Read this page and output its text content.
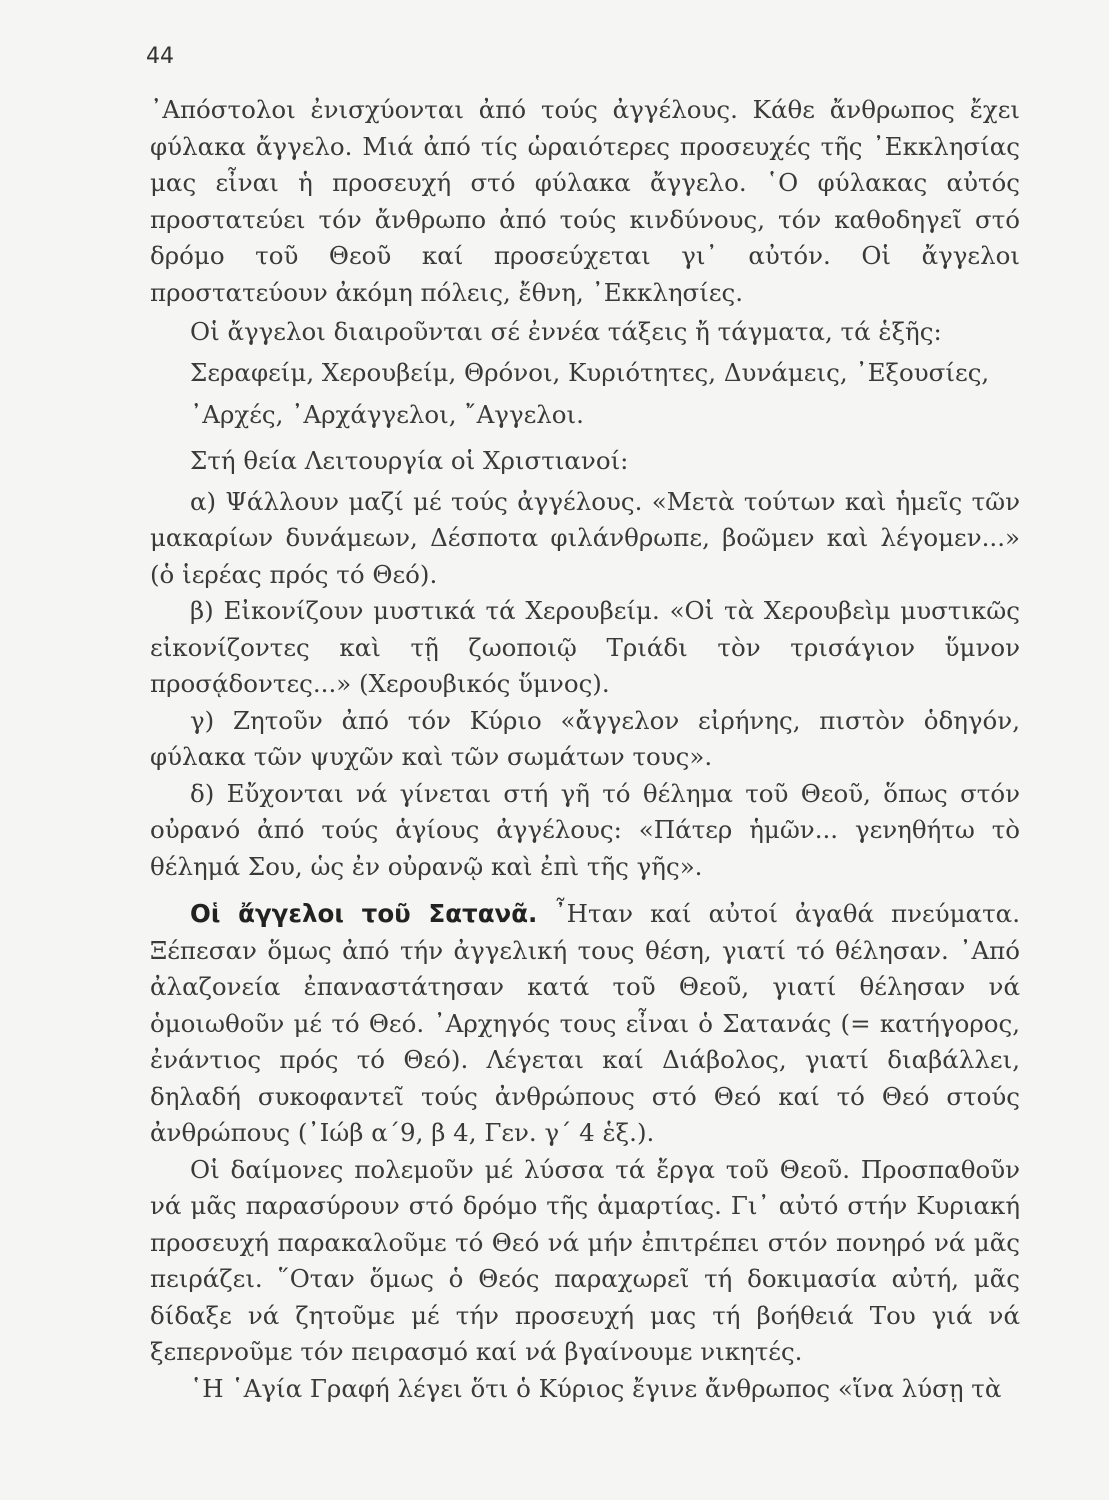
44

᾿Απόστολοι ἐνισχύονται ἀπό τούς ἀγγέλους. Κάθε ἄνθρωπος ἔχει φύλακα ἄγγελο. Μιά ἀπό τίς ὡραιότερες προσευχές τῆς ᾿Εκκλησίας μας εἶναι ἡ προσευχή στό φύλακα ἄγγελο. ῾Ο φύλακας αὐτός προστατεύει τόν ἄνθρωπο ἀπό τούς κινδύνους, τόν καθοδηγεῖ στό δρόμο τοῦ Θεοῦ καί προσεύχεται γι᾿ αὐτόν. Οἱ ἄγγελοι προστατεύουν ἀκόμη πόλεις, ἔθνη, ᾿Εκκλησίες.

Οἱ ἄγγελοι διαιροῦνται σέ ἐννέα τάξεις ἤ τάγματα, τά ἑξῆς:

Σεραφείμ, Χερουβείμ, Θρόνοι, Κυριότητες, Δυνάμεις, ᾿Εξουσίες,

᾿Αρχές, ᾿Αρχάγγελοι, ῎Αγγελοι.

Στή θεία Λειτουργία οἱ Χριστιανοί:

α) Ψάλλουν μαζί μέ τούς ἀγγέλους. «Μετὰ τούτων καὶ ἡμεῖς τῶν μακαρίων δυνάμεων, Δέσποτα φιλάνθρωπε, βοῶμεν καὶ λέγομεν...» (ὁ ἱερέας πρός τό Θεό).

β) Εἰκονίζουν μυστικά τά Χερουβείμ. «Οἱ τὰ Χερουβεὶμ μυστικῶς εἰκονίζοντες καὶ τῇ ζωοποιῷ Τριάδι τὸν τρισάγιον ὕμνον προσᾴδοντες...» (Χερουβικός ὕμνος).

γ) Ζητοῦν ἀπό τόν Κύριο «ἄγγελον εἰρήνης, πιστὸν ὁδηγόν, φύλακα τῶν ψυχῶν καὶ τῶν σωμάτων τους».

δ) Εὔχονται νά γίνεται στή γῆ τό θέλημα τοῦ Θεοῦ, ὅπως στόν οὐρανό ἀπό τούς ἁγίους ἀγγέλους: «Πάτερ ἡμῶν... γενηθήτω τὸ θέλημά Σου, ὡς ἐν οὐρανῷ καὶ ἐπὶ τῆς γῆς».

Οἱ ἄγγελοι τοῦ Σατανᾶ. ῏Ηταν καί αὐτοί ἀγαθά πνεύματα. Ξέπεσαν ὅμως ἀπό τήν ἀγγελική τους θέση, γιατί τό θέλησαν. ᾿Από ἀλαζονεία ἐπαναστάτησαν κατά τοῦ Θεοῦ, γιατί θέλησαν νά ὁμοιωθοῦν μέ τό Θεό. ᾿Αρχηγός τους εἶναι ὁ Σατανάς (= κατήγορος, ἐνάντιος πρός τό Θεό). Λέγεται καί Διάβολος, γιατί διαβάλλει, δηλαδή συκοφαντεῖ τούς ἀνθρώπους στό Θεό καί τό Θεό στούς ἀνθρώπους (᾿Ιώβ α΄9, β 4, Γεν. γ΄ 4 ἑξ.).

Οἱ δαίμονες πολεμοῦν μέ λύσσα τά ἔργα τοῦ Θεοῦ. Προσπαθοῦν νά μᾶς παρασύρουν στό δρόμο τῆς ἁμαρτίας. Γι᾿ αὐτό στήν Κυριακή προσευχή παρακαλοῦμε τό Θεό νά μήν ἐπιτρέπει στόν πονηρό νά μᾶς πειράζει. ῞Οταν ὅμως ὁ Θεός παραχωρεῖ τή δοκιμασία αὐτή, μᾶς δίδαξε νά ζητοῦμε μέ τήν προσευχή μας τή βοήθειά Του γιά νά ξεπερνοῦμε τόν πειρασμό καί νά βγαίνουμε νικητές.

῾Η ῾Αγία Γραφή λέγει ὅτι ὁ Κύριος ἔγινε ἄνθρωπος «ἵνα λύσῃ τὰ
